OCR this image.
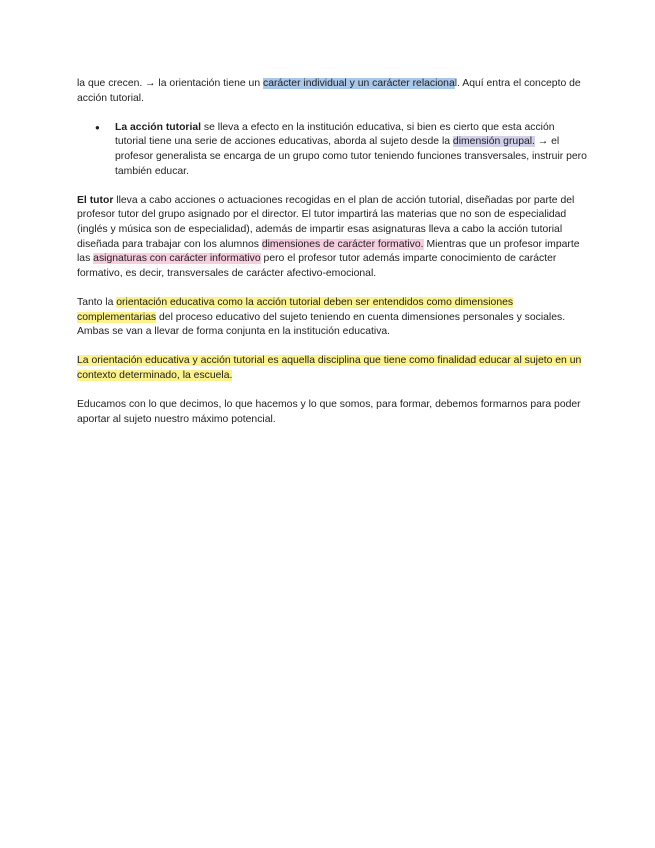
la que crecen. → la orientación tiene un carácter individual y un carácter relacional. Aquí entra el concepto de acción tutorial.

● La acción tutorial se lleva a efecto en la institución educativa, si bien es cierto que esta acción tutorial tiene una serie de acciones educativas, aborda al sujeto desde la dimensión grupal. → el profesor generalista se encarga de un grupo como tutor teniendo funciones transversales, instruir pero también educar.

El tutor lleva a cabo acciones o actuaciones recogidas en el plan de acción tutorial, diseñadas por parte del profesor tutor del grupo asignado por el director. El tutor impartirá las materias que no son de especialidad (inglés y música son de especialidad), además de impartir esas asignaturas lleva a cabo la acción tutorial diseñada para trabajar con los alumnos dimensiones de carácter formativo. Mientras que un profesor imparte las asignaturas con carácter informativo pero el profesor tutor además imparte conocimiento de carácter formativo, es decir, transversales de carácter afectivo-emocional.

Tanto la orientación educativa como la acción tutorial deben ser entendidos como dimensiones complementarias del proceso educativo del sujeto teniendo en cuenta dimensiones personales y sociales. Ambas se van a llevar de forma conjunta en la institución educativa.

La orientación educativa y acción tutorial es aquella disciplina que tiene como finalidad educar al sujeto en un contexto determinado, la escuela.

Educamos con lo que decimos, lo que hacemos y lo que somos, para formar, debemos formarnos para poder aportar al sujeto nuestro máximo potencial.
